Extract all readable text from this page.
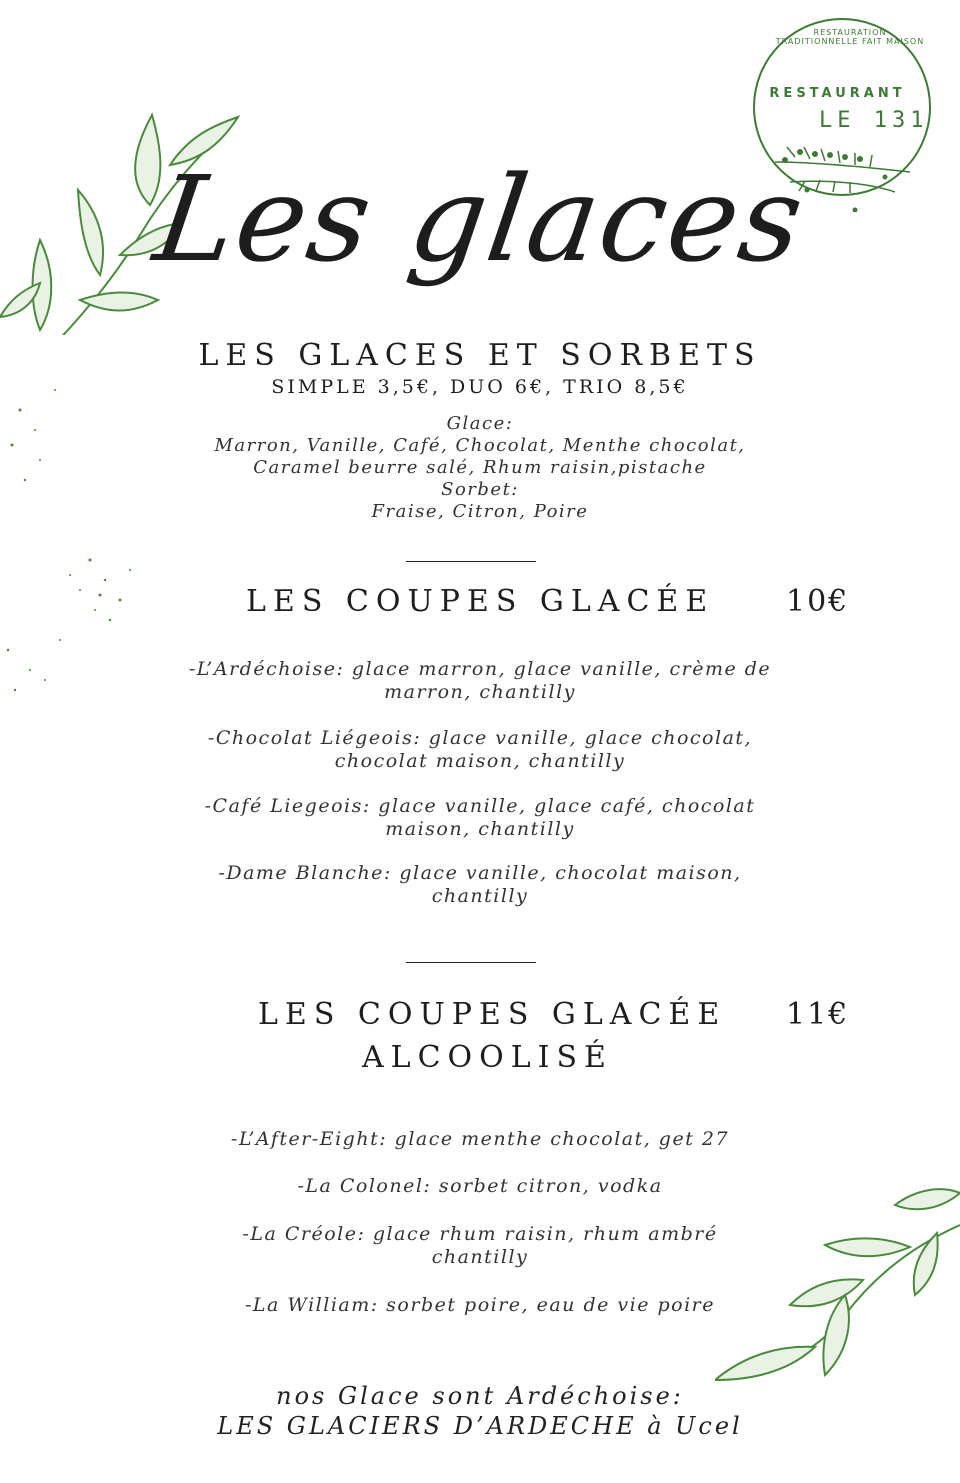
RESTAURATION TRADITIONNELLE FAIT MAISON
RESTAURANT
LE 131
Les glaces
LES GLACES ET SORBETS
SIMPLE 3,5€, DUO 6€, TRIO 8,5€
Glace:
Marron, Vanille, Café, Chocolat, Menthe chocolat,
Caramel beurre salé, Rhum raisin,pistache
Sorbet:
Fraise, Citron, Poire
LES COUPES GLACÉE 10€
-L’Ardéchoise: glace marron, glace vanille, crème de
marron, chantilly
-Chocolat Liégeois: glace vanille, glace chocolat,
chocolat maison, chantilly
-Café Liegeois: glace vanille, glace café, chocolat
maison, chantilly
-Dame Blanche: glace vanille, chocolat maison,
chantilly
LES COUPES GLACÉE 11€
ALCOOLISÉ
-L’After-Eight: glace menthe chocolat, get 27
-La Colonel: sorbet citron, vodka
-La Créole: glace rhum raisin, rhum ambré
chantilly
-La William: sorbet poire, eau de vie poire
nos Glace sont Ardéchoise:
LES GLACIERS D’ARDECHE à Ucel
